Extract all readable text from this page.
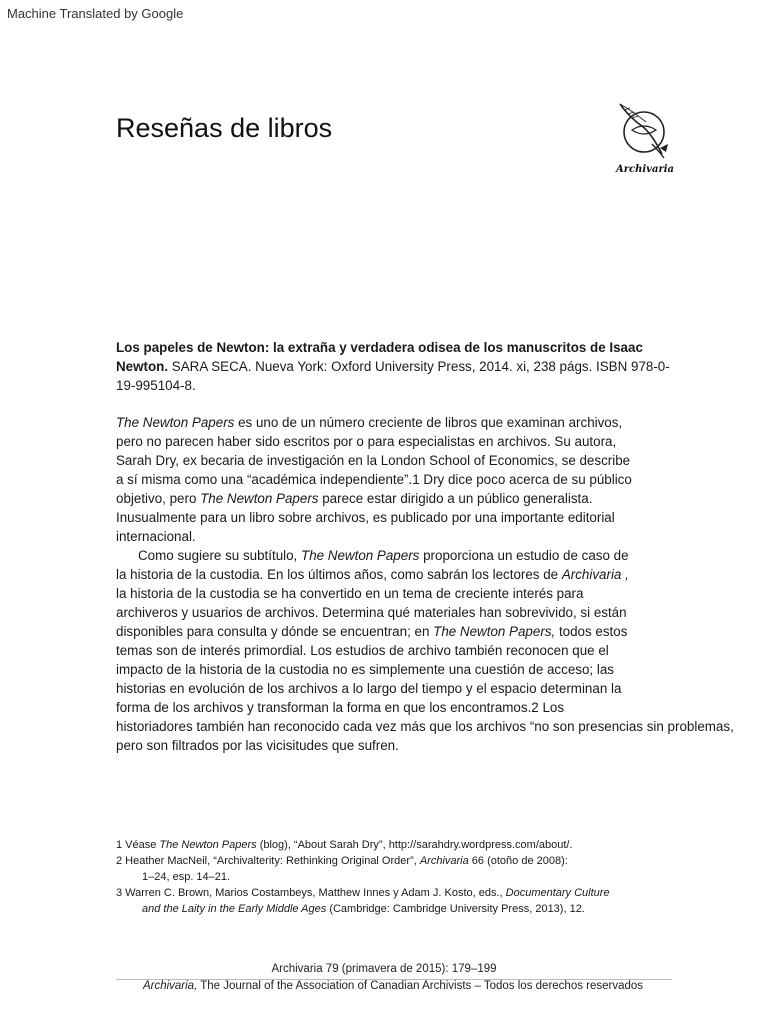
Machine Translated by Google
Reseñas de libros
Archivaria

Los papeles de Newton: la extraña y verdadera odisea de los manuscritos de Isaac Newton. SARA SECA. Nueva York: Oxford University Press, 2014. xi, 238 págs. ISBN 978-0-19-995104-8.

The Newton Papers es uno de un número creciente de libros que examinan archivos,

pero no parecen haber sido escritos por o para especialistas en archivos. Su autora,

Sarah Dry, ex becaria de investigación en la London School of Economics, se describe

a sí misma como una “académica independiente”.1 Dry dice poco acerca de su público

objetivo, pero The Newton Papers parece estar dirigido a un público generalista.

Inusualmente para un libro sobre archivos, es publicado por una importante editorial

internacional.

Como sugiere su subtítulo, The Newton Papers proporciona un estudio de caso de

la historia de la custodia. En los últimos años, como sabrán los lectores de Archivaria ,

la historia de la custodia se ha convertido en un tema de creciente interés para

archiveros y usuarios de archivos. Determina qué materiales han sobrevivido, si están

disponibles para consulta y dónde se encuentran; en The Newton Papers, todos estos

temas son de interés primordial. Los estudios de archivo también reconocen que el

impacto de la historia de la custodia no es simplemente una cuestión de acceso; las

historias en evolución de los archivos a lo largo del tiempo y el espacio determinan la

forma de los archivos y transforman la forma en que los encontramos.2 Los

historiadores también han reconocido cada vez más que los archivos “no son presencias sin problemas,

pero son filtrados por las vicisitudes que sufren.

1 Véase The Newton Papers (blog), “About Sarah Dry”, http://sarahdry.wordpress.com/about/.

2 Heather MacNeil, “Archivalterity: Rethinking Original Order”, Archivaria 66 (otoño de 2008):

1–24, esp. 14–21.

3 Warren C. Brown, Marios Costambeys, Matthew Innes y Adam J. Kosto, eds., Documentary Culture

and the Laity in the Early Middle Ages (Cambridge: Cambridge University Press, 2013), 12.

Archivaria 79 (primavera de 2015): 179–199
Archivaria, The Journal of the Association of Canadian Archivists – Todos los derechos reservados
